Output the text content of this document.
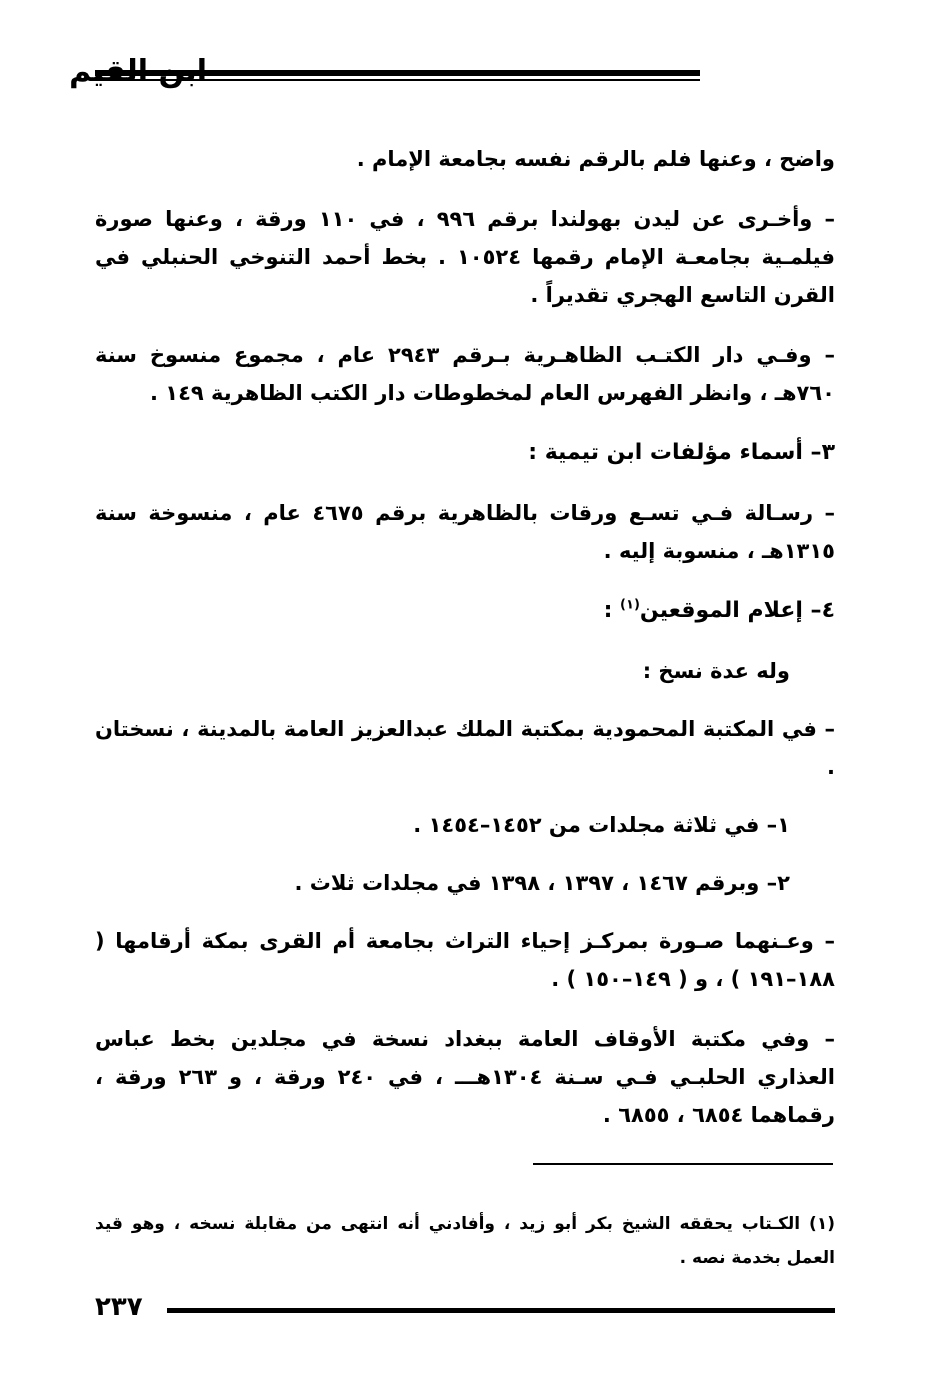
ابن القيم

واضح ، وعنها فلم بالرقم نفسه بجامعة الإمام .

– وأخـرى عن ليدن بهولندا برقم ٩٩٦ ، في ١١٠ ورقة ، وعنها صورة فيلمـية بجامعـة الإمام رقمها ١٠٥٢٤ . بخط أحمد التنوخي الحنبلي في القرن التاسع الهجري تقديراً .

– وفـي دار الكتـب الظاهـرية بـرقم ٢٩٤٣ عام ، مجموع منسوخ سنة ٧٦٠هـ ، وانظر الفهرس العام لمخطوطات دار الكتب الظاهرية ١٤٩ .

٣– أسماء مؤلفات ابن تيمية :

– رسـالة فـي تسـع ورقات بالظاهرية برقم ٤٦٧٥ عام ، منسوخة سنة ١٣١٥هـ ، منسوبة إليه .

٤– إعلام الموقعين$^{(١)}$ :

وله عدة نسخ :

– في المكتبة المحمودية بمكتبة الملك عبدالعزيز العامة بالمدينة ، نسختان .

١– في ثلاثة مجلدات من ١٤٥٢–١٤٥٤ .

٢– وبرقم ١٤٦٧ ، ١٣٩٧ ، ١٣٩٨ في مجلدات ثلاث .

– وعـنهما صـورة بمركـز إحياء التراث بجامعة أم القرى بمكة أرقامها ( ١٨٨–١٩١ ) ، و ( ١٤٩–١٥٠ ) .

– وفي مكتبة الأوقاف العامة ببغداد نسخة في مجلدين بخط عباس العذاري الحلبـي فـي سـنة ١٣٠٤هـــ ، في ٢٤٠ ورقة ، و ٢٦٣ ورقة ، رقماهما ٦٨٥٤ ، ٦٨٥٥ .

(١) الكـتاب يحققه الشيخ بكر أبو زيد ، وأفادني أنه انتهى من مقابلة نسخه ، وهو قيد العمل بخدمة نصه .

٢٣٧
